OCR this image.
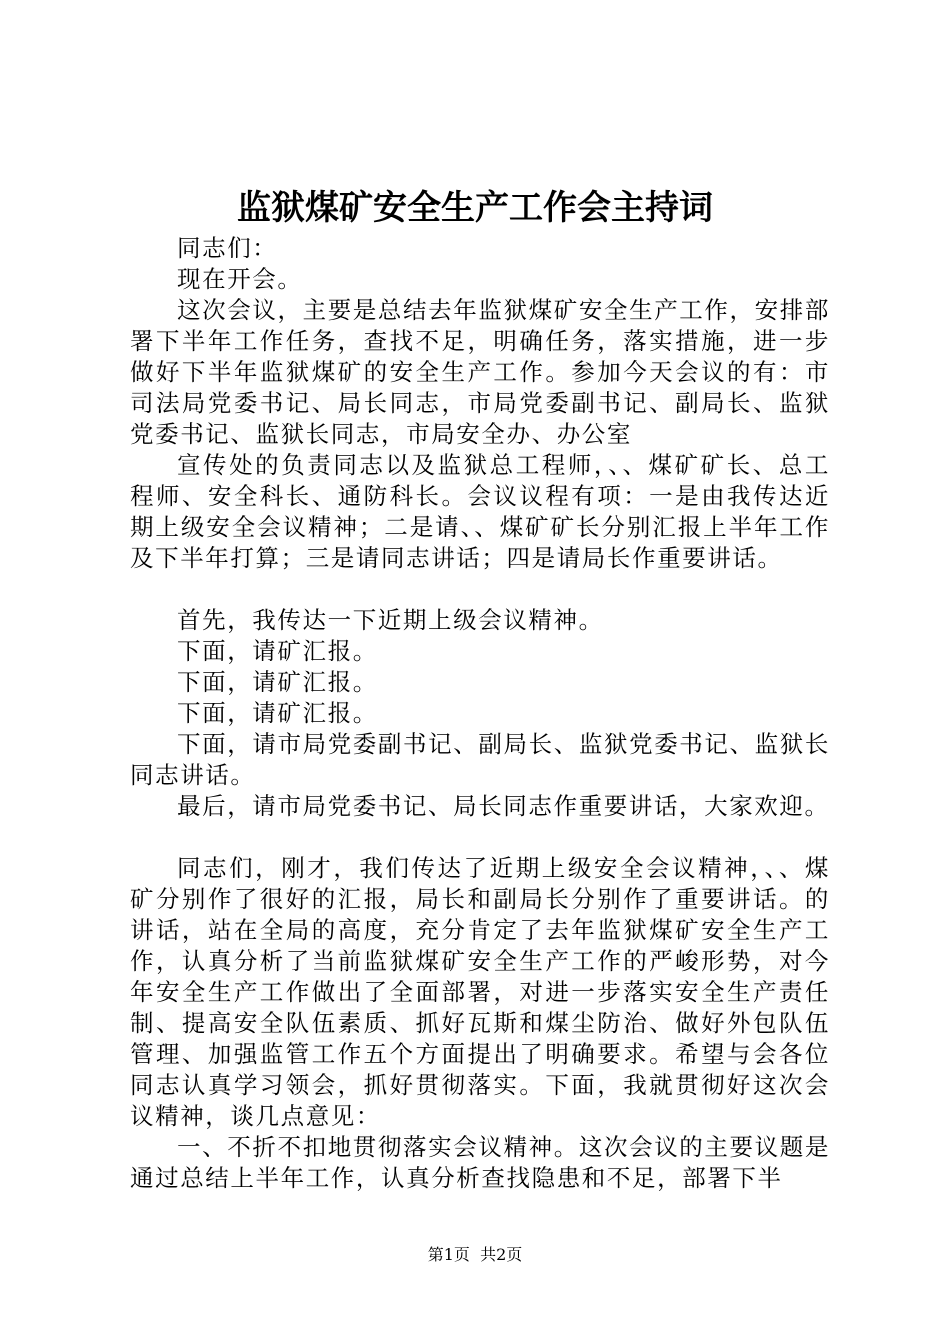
监狱煤矿安全生产工作会主持词

同志们：

现在开会。

这次会议，主要是总结去年监狱煤矿安全生产工作，安排部署下半年工作任务，查找不足，明确任务，落实措施，进一步做好下半年监狱煤矿的安全生产工作。参加今天会议的有：市司法局党委书记、局长同志，市局党委副书记、副局长、监狱党委书记、监狱长同志，市局安全办、办公室

宣传处的负责同志以及监狱总工程师，、、煤矿矿长、总工程师、安全科长、通防科长。会议议程有项：一是由我传达近期上级安全会议精神；二是请、、煤矿矿长分别汇报上半年工作及下半年打算；三是请同志讲话；四是请局长作重要讲话。

首先，我传达一下近期上级会议精神。

下面，请矿汇报。

下面，请矿汇报。

下面，请矿汇报。

下面，请市局党委副书记、副局长、监狱党委书记、监狱长同志讲话。

最后，请市局党委书记、局长同志作重要讲话，大家欢迎。

同志们，刚才，我们传达了近期上级安全会议精神，、、煤矿分别作了很好的汇报，局长和副局长分别作了重要讲话。的讲话，站在全局的高度，充分肯定了去年监狱煤矿安全生产工作，认真分析了当前监狱煤矿安全生产工作的严峻形势，对今年安全生产工作做出了全面部署，对进一步落实安全生产责任制、提高安全队伍素质、抓好瓦斯和煤尘防治、做好外包队伍管理、加强监管工作五个方面提出了明确要求。希望与会各位同志认真学习领会，抓好贯彻落实。下面，我就贯彻好这次会议精神，谈几点意见：

一、不折不扣地贯彻落实会议精神。这次会议的主要议题是通过总结上半年工作，认真分析查找隐患和不足，部署下半

第1页 共2页
